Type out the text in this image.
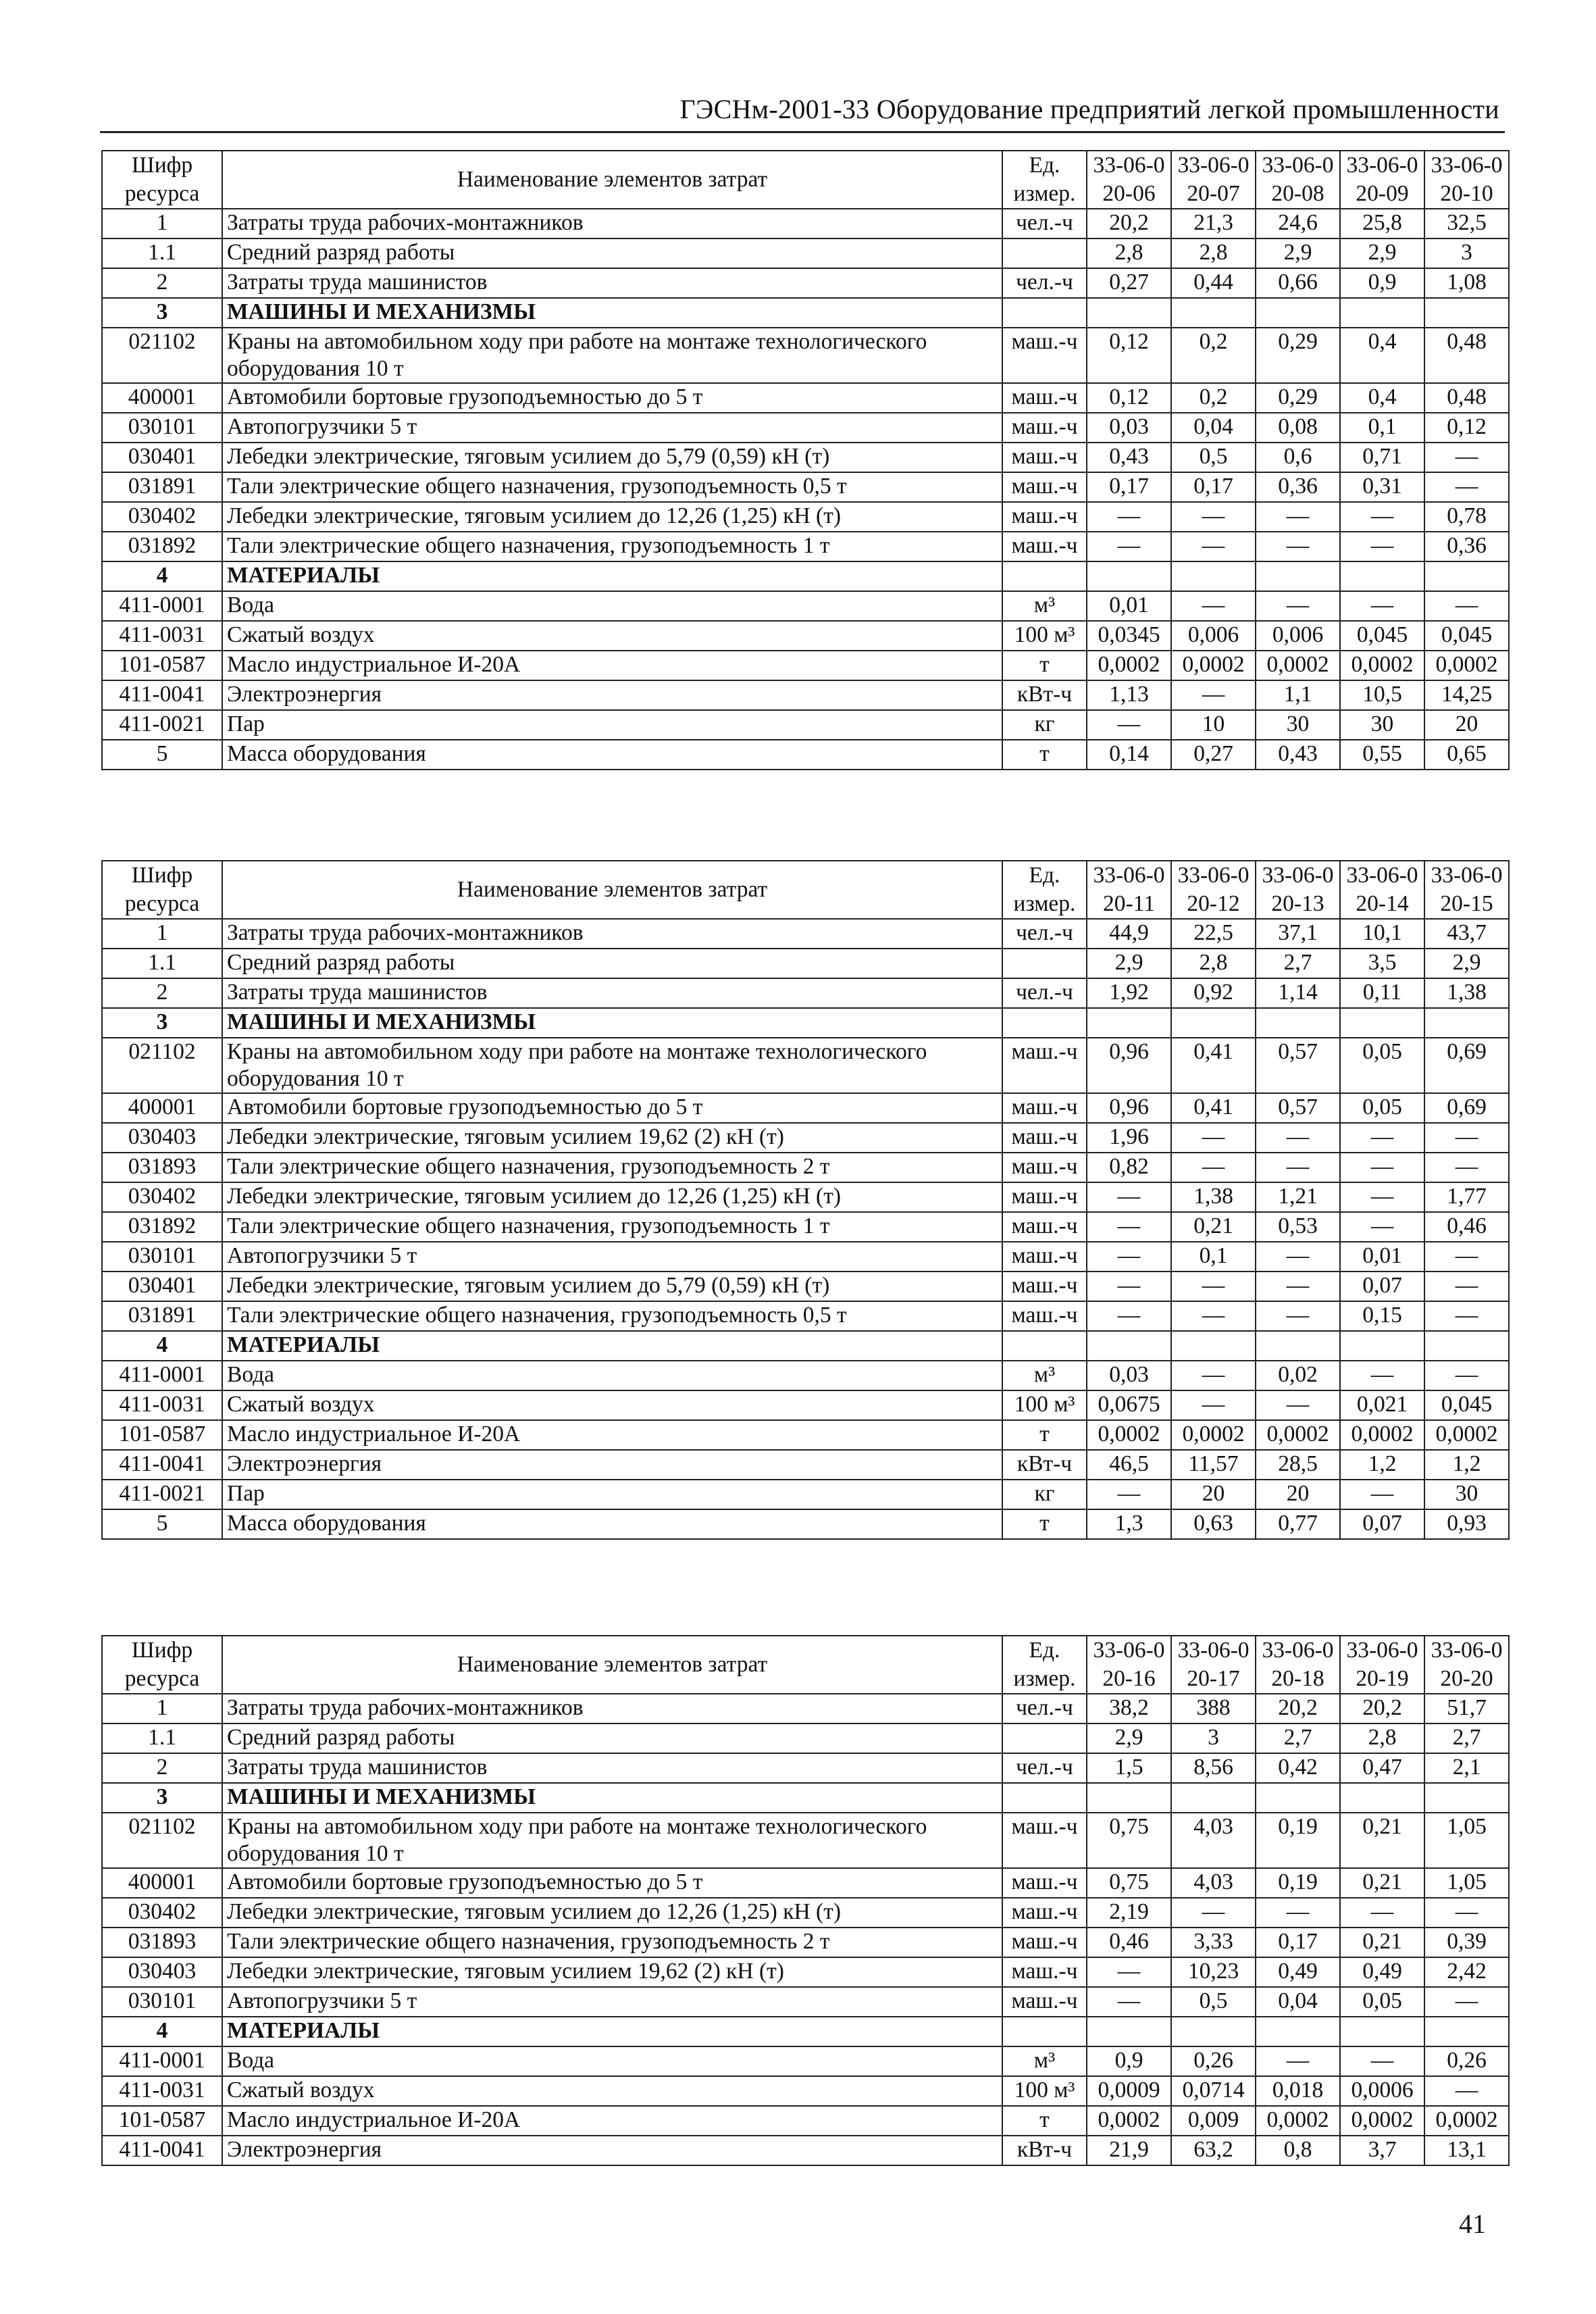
ГЭСНм-2001-33 Оборудование предприятий легкой промышленности
Шифр ресурса	Наименование элементов затрат	Ед. измер.	33-06-020-06	33-06-020-07	33-06-020-08	33-06-020-09	33-06-020-10
1	Затраты труда рабочих-монтажников	чел.-ч	20,2	21,3	24,6	25,8	32,5
1.1	Средний разряд работы		2,8	2,8	2,9	2,9	3
2	Затраты труда машинистов	чел.-ч	0,27	0,44	0,66	0,9	1,08
3	МАШИНЫ И МЕХАНИЗМЫ						
021102	Краны на автомобильном ходу при работе на монтаже технологического оборудования 10 т	маш.-ч	0,12	0,2	0,29	0,4	0,48
400001	Автомобили бортовые грузоподъемностью до 5 т	маш.-ч	0,12	0,2	0,29	0,4	0,48
030101	Автопогрузчики 5 т	маш.-ч	0,03	0,04	0,08	0,1	0,12
030401	Лебедки электрические, тяговым усилием до 5,79 (0,59) кН (т)	маш.-ч	0,43	0,5	0,6	0,71	—
031891	Тали электрические общего назначения, грузоподъемность 0,5 т	маш.-ч	0,17	0,17	0,36	0,31	—
030402	Лебедки электрические, тяговым усилием до 12,26 (1,25) кН (т)	маш.-ч	—	—	—	—	0,78
031892	Тали электрические общего назначения, грузоподъемность 1 т	маш.-ч	—	—	—	—	0,36
4	МАТЕРИАЛЫ						
411-0001	Вода	м³	0,01	—	—	—	—
411-0031	Сжатый воздух	100 м³	0,0345	0,006	0,006	0,045	0,045
101-0587	Масло индустриальное И-20А	т	0,0002	0,0002	0,0002	0,0002	0,0002
411-0041	Электроэнергия	кВт-ч	1,13	—	1,1	10,5	14,25
411-0021	Пар	кг	—	10	30	30	20
5	Масса оборудования	т	0,14	0,27	0,43	0,55	0,65
Шифр ресурса	Наименование элементов затрат	Ед. измер.	33-06-020-11	33-06-020-12	33-06-020-13	33-06-020-14	33-06-020-15
1	Затраты труда рабочих-монтажников	чел.-ч	44,9	22,5	37,1	10,1	43,7
1.1	Средний разряд работы		2,9	2,8	2,7	3,5	2,9
2	Затраты труда машинистов	чел.-ч	1,92	0,92	1,14	0,11	1,38
3	МАШИНЫ И МЕХАНИЗМЫ						
021102	Краны на автомобильном ходу при работе на монтаже технологического оборудования 10 т	маш.-ч	0,96	0,41	0,57	0,05	0,69
400001	Автомобили бортовые грузоподъемностью до 5 т	маш.-ч	0,96	0,41	0,57	0,05	0,69
030403	Лебедки электрические, тяговым усилием 19,62 (2) кН (т)	маш.-ч	1,96	—	—	—	—
031893	Тали электрические общего назначения, грузоподъемность 2 т	маш.-ч	0,82	—	—	—	—
030402	Лебедки электрические, тяговым усилием до 12,26 (1,25) кН (т)	маш.-ч	—	1,38	1,21	—	1,77
031892	Тали электрические общего назначения, грузоподъемность 1 т	маш.-ч	—	0,21	0,53	—	0,46
030101	Автопогрузчики 5 т	маш.-ч	—	0,1	—	0,01	—
030401	Лебедки электрические, тяговым усилием до 5,79 (0,59) кН (т)	маш.-ч	—	—	—	0,07	—
031891	Тали электрические общего назначения, грузоподъемность 0,5 т	маш.-ч	—	—	—	0,15	—
4	МАТЕРИАЛЫ						
411-0001	Вода	м³	0,03	—	0,02	—	—
411-0031	Сжатый воздух	100 м³	0,0675	—	—	0,021	0,045
101-0587	Масло индустриальное И-20А	т	0,0002	0,0002	0,0002	0,0002	0,0002
411-0041	Электроэнергия	кВт-ч	46,5	11,57	28,5	1,2	1,2
411-0021	Пар	кг	—	20	20	—	30
5	Масса оборудования	т	1,3	0,63	0,77	0,07	0,93
Шифр ресурса	Наименование элементов затрат	Ед. измер.	33-06-020-16	33-06-020-17	33-06-020-18	33-06-020-19	33-06-020-20
1	Затраты труда рабочих-монтажников	чел.-ч	38,2	388	20,2	20,2	51,7
1.1	Средний разряд работы		2,9	3	2,7	2,8	2,7
2	Затраты труда машинистов	чел.-ч	1,5	8,56	0,42	0,47	2,1
3	МАШИНЫ И МЕХАНИЗМЫ						
021102	Краны на автомобильном ходу при работе на монтаже технологического оборудования 10 т	маш.-ч	0,75	4,03	0,19	0,21	1,05
400001	Автомобили бортовые грузоподъемностью до 5 т	маш.-ч	0,75	4,03	0,19	0,21	1,05
030402	Лебедки электрические, тяговым усилием до 12,26 (1,25) кН (т)	маш.-ч	2,19	—	—	—	—
031893	Тали электрические общего назначения, грузоподъемность 2 т	маш.-ч	0,46	3,33	0,17	0,21	0,39
030403	Лебедки электрические, тяговым усилием 19,62 (2) кН (т)	маш.-ч	—	10,23	0,49	0,49	2,42
030101	Автопогрузчики 5 т	маш.-ч	—	0,5	0,04	0,05	—
4	МАТЕРИАЛЫ						
411-0001	Вода	м³	0,9	0,26	—	—	0,26
411-0031	Сжатый воздух	100 м³	0,0009	0,0714	0,018	0,0006	—
101-0587	Масло индустриальное И-20А	т	0,0002	0,009	0,0002	0,0002	0,0002
411-0041	Электроэнергия	кВт-ч	21,9	63,2	0,8	3,7	13,1
41
